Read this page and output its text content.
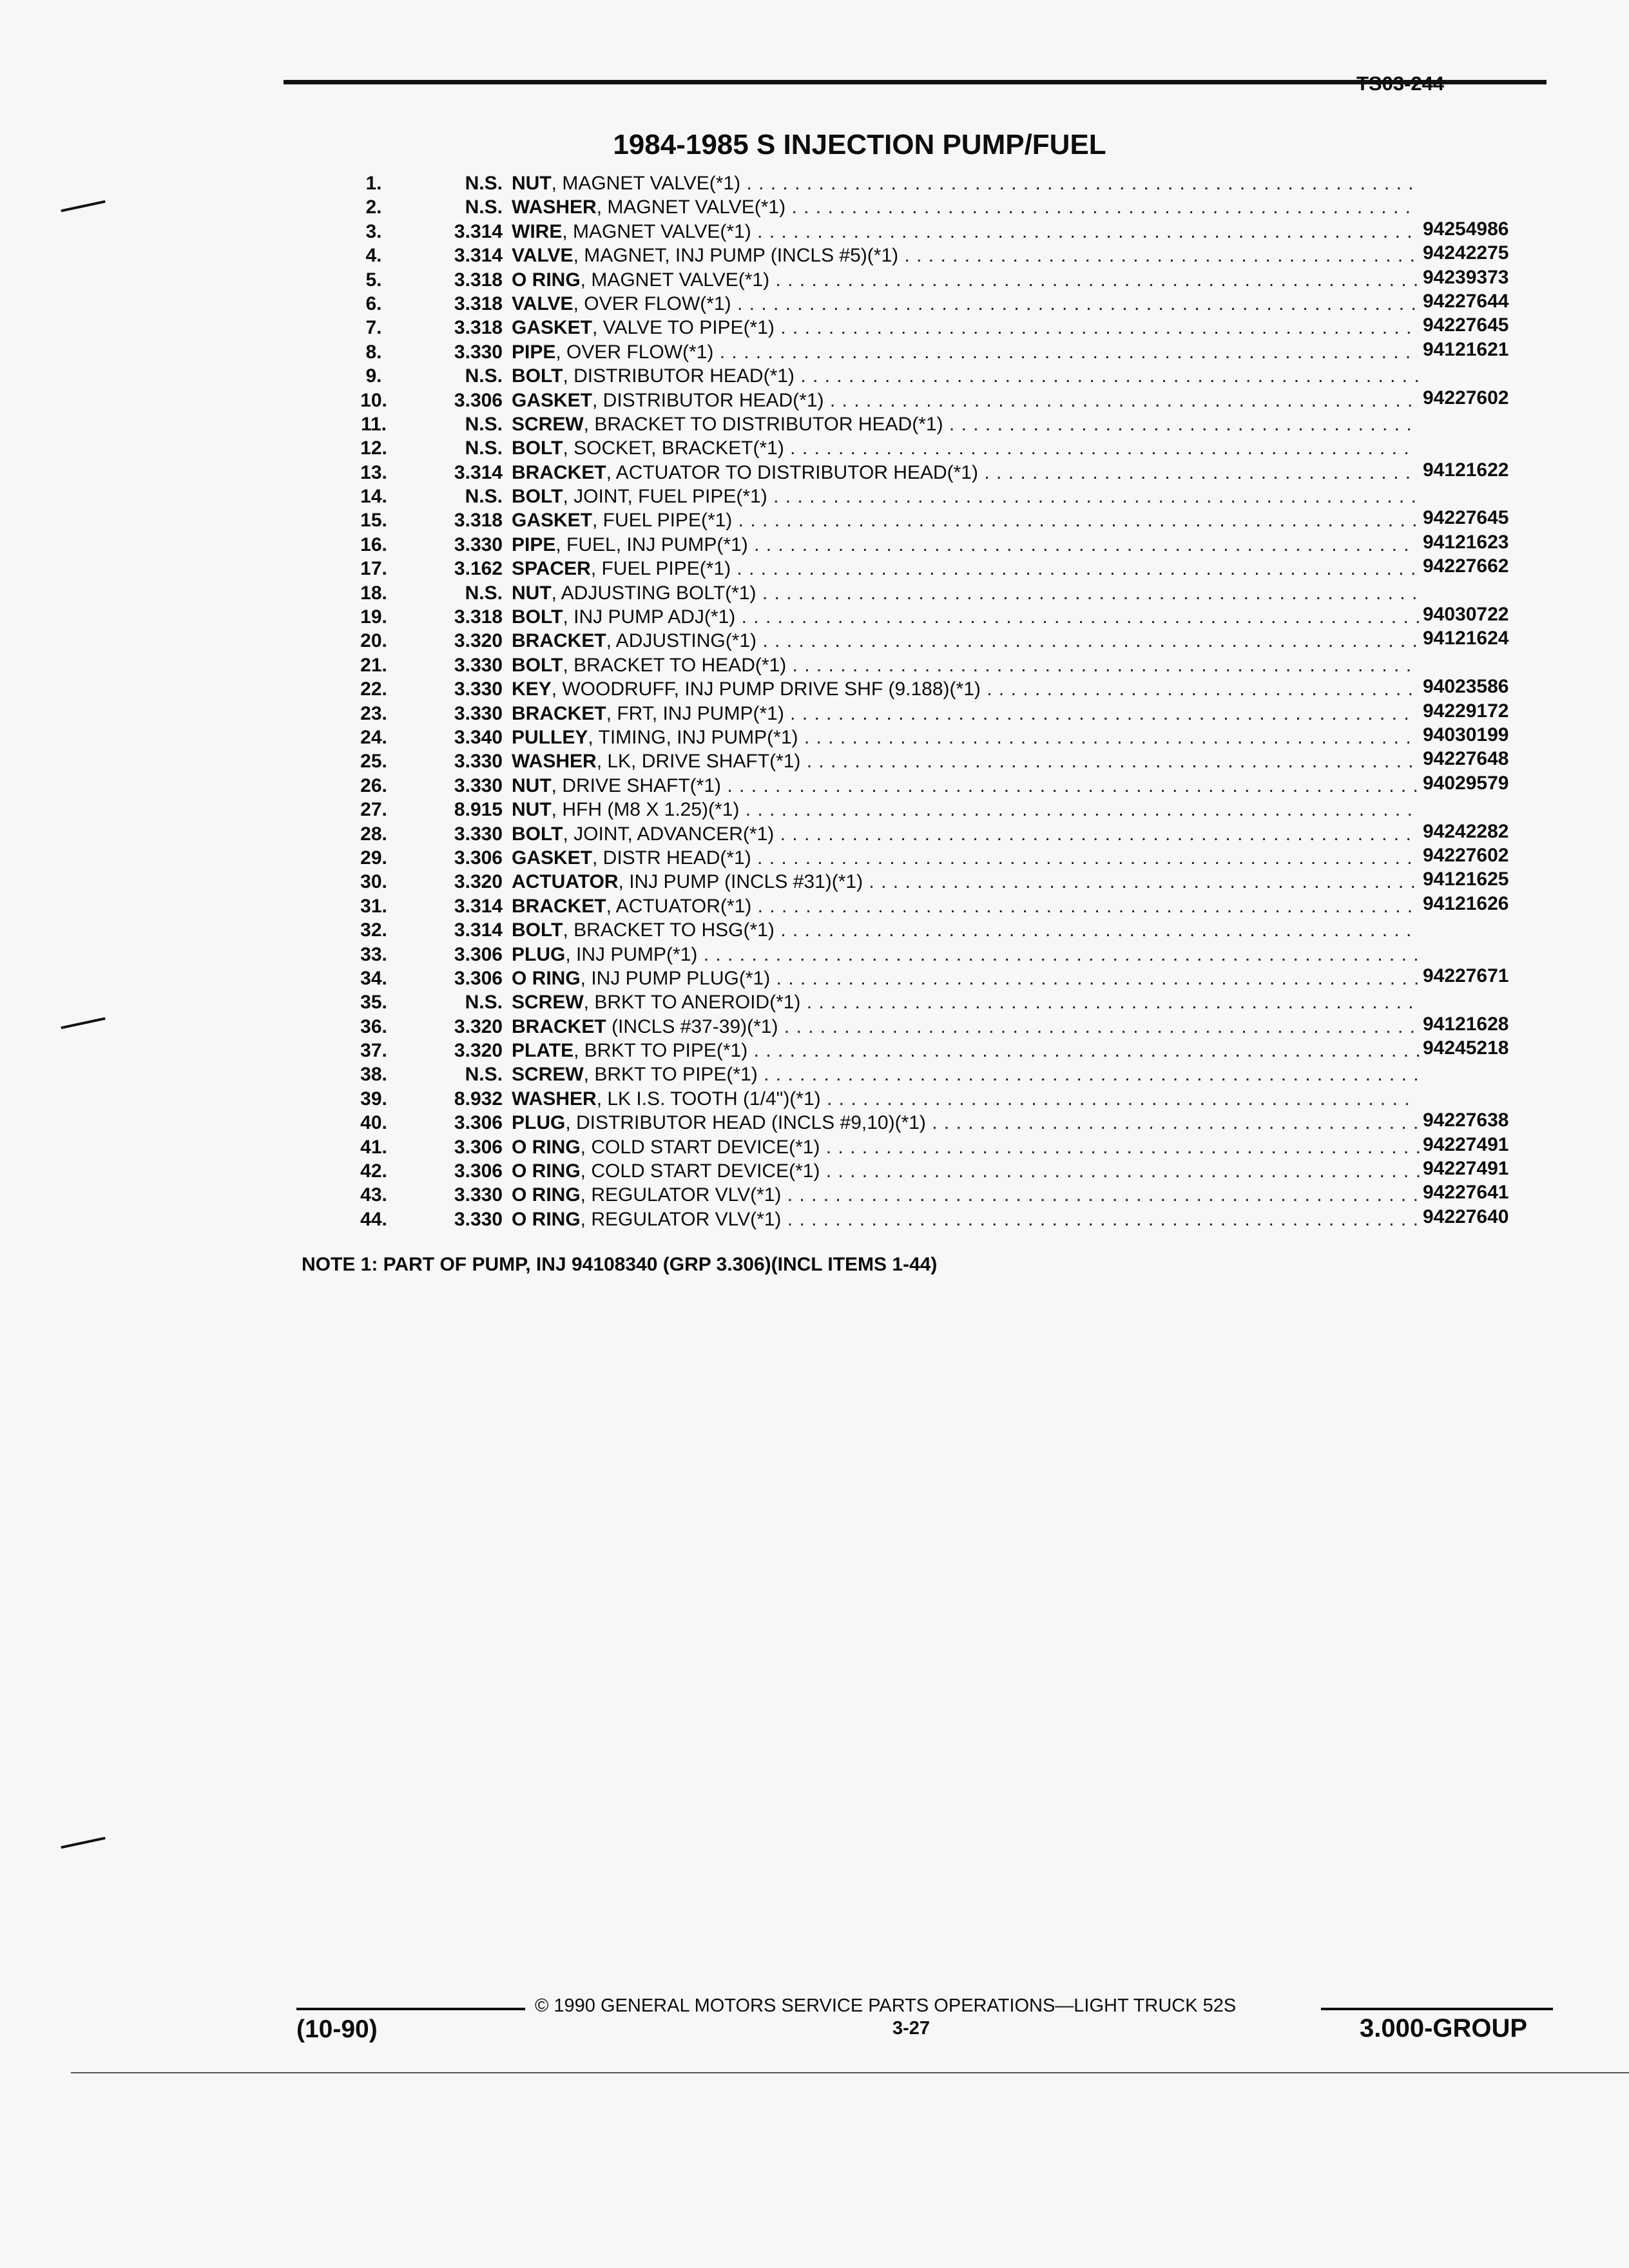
TS03-244
1984-1985 S INJECTION PUMP/FUEL
1.	N.S. NUT, MAGNET VALVE(*1) . . . . . . . . . . . . . . . . . . . . . . . . . . . . . . . . . . . . . . . . . . . . . . . . . . . . . . . .
2.	N.S. WASHER, MAGNET VALVE(*1) . . . . . . . . . . . . . . . . . . . . . . . . . . . . . . . . . . . . . . . . . . . . . . . . . . . .
3.	3.314 WIRE, MAGNET VALVE(*1) . . . . . . . . . . . . . . . . . . . . . . . . . . . . . . . . . . . . . . . . . . . . . . . . . . . . . . . 94254986
4.	3.314 VALVE, MAGNET, INJ PUMP (INCLS #5)(*1) . . . . . . . . . . . . . . . . . . . . . . . . . . . . . . . . . . . . . . . . . . . 94242275
5.	3.318 O RING, MAGNET VALVE(*1) . . . . . . . . . . . . . . . . . . . . . . . . . . . . . . . . . . . . . . . . . . . . . . . . . . . . . . 94239373
6.	3.318 VALVE, OVER FLOW(*1) . . . . . . . . . . . . . . . . . . . . . . . . . . . . . . . . . . . . . . . . . . . . . . . . . . . . . . . . . 94227644
7.	3.318 GASKET, VALVE TO PIPE(*1) . . . . . . . . . . . . . . . . . . . . . . . . . . . . . . . . . . . . . . . . . . . . . . . . . . . . . 94227645
8.	3.330 PIPE, OVER FLOW(*1) . . . . . . . . . . . . . . . . . . . . . . . . . . . . . . . . . . . . . . . . . . . . . . . . . . . . . . . . . . 94121621
9.	N.S. BOLT, DISTRIBUTOR HEAD(*1) . . . . . . . . . . . . . . . . . . . . . . . . . . . . . . . . . . . . . . . . . . . . . . . . . . . .
10.	3.306 GASKET, DISTRIBUTOR HEAD(*1) . . . . . . . . . . . . . . . . . . . . . . . . . . . . . . . . . . . . . . . . . . . . . . . . . 94227602
11.	N.S. SCREW, BRACKET TO DISTRIBUTOR HEAD(*1) . . . . . . . . . . . . . . . . . . . . . . . . . . . . . . . . . . . . . . .
12.	N.S. BOLT, SOCKET, BRACKET(*1) . . . . . . . . . . . . . . . . . . . . . . . . . . . . . . . . . . . . . . . . . . . . . . . . . . . .
13.	3.314 BRACKET, ACTUATOR TO DISTRIBUTOR HEAD(*1) . . . . . . . . . . . . . . . . . . . . . . . . . . . . . . . . . . . . 94121622
14.	N.S. BOLT, JOINT, FUEL PIPE(*1) . . . . . . . . . . . . . . . . . . . . . . . . . . . . . . . . . . . . . . . . . . . . . . . . . . . . . .
15.	3.318 GASKET, FUEL PIPE(*1) . . . . . . . . . . . . . . . . . . . . . . . . . . . . . . . . . . . . . . . . . . . . . . . . . . . . . . . . . 94227645
16.	3.330 PIPE, FUEL, INJ PUMP(*1) . . . . . . . . . . . . . . . . . . . . . . . . . . . . . . . . . . . . . . . . . . . . . . . . . . . . . . . 94121623
17.	3.162 SPACER, FUEL PIPE(*1) . . . . . . . . . . . . . . . . . . . . . . . . . . . . . . . . . . . . . . . . . . . . . . . . . . . . . . . . . 94227662
18.	N.S. NUT, ADJUSTING BOLT(*1) . . . . . . . . . . . . . . . . . . . . . . . . . . . . . . . . . . . . . . . . . . . . . . . . . . . . . . .
19.	3.318 BOLT, INJ PUMP ADJ(*1) . . . . . . . . . . . . . . . . . . . . . . . . . . . . . . . . . . . . . . . . . . . . . . . . . . . . . . . . . 94030722
20.	3.320 BRACKET, ADJUSTING(*1) . . . . . . . . . . . . . . . . . . . . . . . . . . . . . . . . . . . . . . . . . . . . . . . . . . . . . . . 94121624
21.	3.330 BOLT, BRACKET TO HEAD(*1) . . . . . . . . . . . . . . . . . . . . . . . . . . . . . . . . . . . . . . . . . . . . . . . . . . . .
22.	3.330 KEY, WOODRUFF, INJ PUMP DRIVE SHF (9.188)(*1) . . . . . . . . . . . . . . . . . . . . . . . . . . . . . . . . . . . . 94023586
23.	3.330 BRACKET, FRT, INJ PUMP(*1) . . . . . . . . . . . . . . . . . . . . . . . . . . . . . . . . . . . . . . . . . . . . . . . . . . . . 94229172
24.	3.340 PULLEY, TIMING, INJ PUMP(*1) . . . . . . . . . . . . . . . . . . . . . . . . . . . . . . . . . . . . . . . . . . . . . . . . . . . 94030199
25.	3.330 WASHER, LK, DRIVE SHAFT(*1) . . . . . . . . . . . . . . . . . . . . . . . . . . . . . . . . . . . . . . . . . . . . . . . . . . . 94227648
26.	3.330 NUT, DRIVE SHAFT(*1) . . . . . . . . . . . . . . . . . . . . . . . . . . . . . . . . . . . . . . . . . . . . . . . . . . . . . . . . . . 94029579
27.	8.915 NUT, HFH (M8 X 1.25)(*1) . . . . . . . . . . . . . . . . . . . . . . . . . . . . . . . . . . . . . . . . . . . . . . . . . . . . . . . .
28.	3.330 BOLT, JOINT, ADVANCER(*1) . . . . . . . . . . . . . . . . . . . . . . . . . . . . . . . . . . . . . . . . . . . . . . . . . . . . . 94242282
29.	3.306 GASKET, DISTR HEAD(*1) . . . . . . . . . . . . . . . . . . . . . . . . . . . . . . . . . . . . . . . . . . . . . . . . . . . . . . . 94227602
30.	3.320 ACTUATOR, INJ PUMP (INCLS #31)(*1) . . . . . . . . . . . . . . . . . . . . . . . . . . . . . . . . . . . . . . . . . . . . . . 94121625
31.	3.314 BRACKET, ACTUATOR(*1) . . . . . . . . . . . . . . . . . . . . . . . . . . . . . . . . . . . . . . . . . . . . . . . . . . . . . . . 94121626
32.	3.314 BOLT, BRACKET TO HSG(*1) . . . . . . . . . . . . . . . . . . . . . . . . . . . . . . . . . . . . . . . . . . . . . . . . . . . . .
33.	3.306 PLUG, INJ PUMP(*1) . . . . . . . . . . . . . . . . . . . . . . . . . . . . . . . . . . . . . . . . . . . . . . . . . . . . . . . . . . . .
34.	3.306 O RING, INJ PUMP PLUG(*1) . . . . . . . . . . . . . . . . . . . . . . . . . . . . . . . . . . . . . . . . . . . . . . . . . . . . . . 94227671
35.	N.S. SCREW, BRKT TO ANEROID(*1) . . . . . . . . . . . . . . . . . . . . . . . . . . . . . . . . . . . . . . . . . . . . . . . . . . .
36.	3.320 BRACKET (INCLS #37-39)(*1) . . . . . . . . . . . . . . . . . . . . . . . . . . . . . . . . . . . . . . . . . . . . . . . . . . . . . 94121628
37.	3.320 PLATE, BRKT TO PIPE(*1) . . . . . . . . . . . . . . . . . . . . . . . . . . . . . . . . . . . . . . . . . . . . . . . . . . . . . . . . 94245218
38.	N.S. SCREW, BRKT TO PIPE(*1) . . . . . . . . . . . . . . . . . . . . . . . . . . . . . . . . . . . . . . . . . . . . . . . . . . . . . . .
39.	8.932 WASHER, LK I.S. TOOTH (1/4")(*1) . . . . . . . . . . . . . . . . . . . . . . . . . . . . . . . . . . . . . . . . . . . . . . . . .
40.	3.306 PLUG, DISTRIBUTOR HEAD (INCLS #9,10)(*1) . . . . . . . . . . . . . . . . . . . . . . . . . . . . . . . . . . . . . . . . . 94227638
41.	3.306 O RING, COLD START DEVICE(*1) . . . . . . . . . . . . . . . . . . . . . . . . . . . . . . . . . . . . . . . . . . . . . . . . . . 94227491
42.	3.306 O RING, COLD START DEVICE(*1) . . . . . . . . . . . . . . . . . . . . . . . . . . . . . . . . . . . . . . . . . . . . . . . . . . 94227491
43.	3.330 O RING, REGULATOR VLV(*1) . . . . . . . . . . . . . . . . . . . . . . . . . . . . . . . . . . . . . . . . . . . . . . . . . . . . . 94227641
44.	3.330 O RING, REGULATOR VLV(*1) . . . . . . . . . . . . . . . . . . . . . . . . . . . . . . . . . . . . . . . . . . . . . . . . . . . . . 94227640
NOTE 1: PART OF PUMP, INJ 94108340 (GRP 3.306)(INCL ITEMS 1-44)
© 1990 GENERAL MOTORS SERVICE PARTS OPERATIONS—LIGHT TRUCK 52S
(10-90)	3-27	3.000-GROUP
